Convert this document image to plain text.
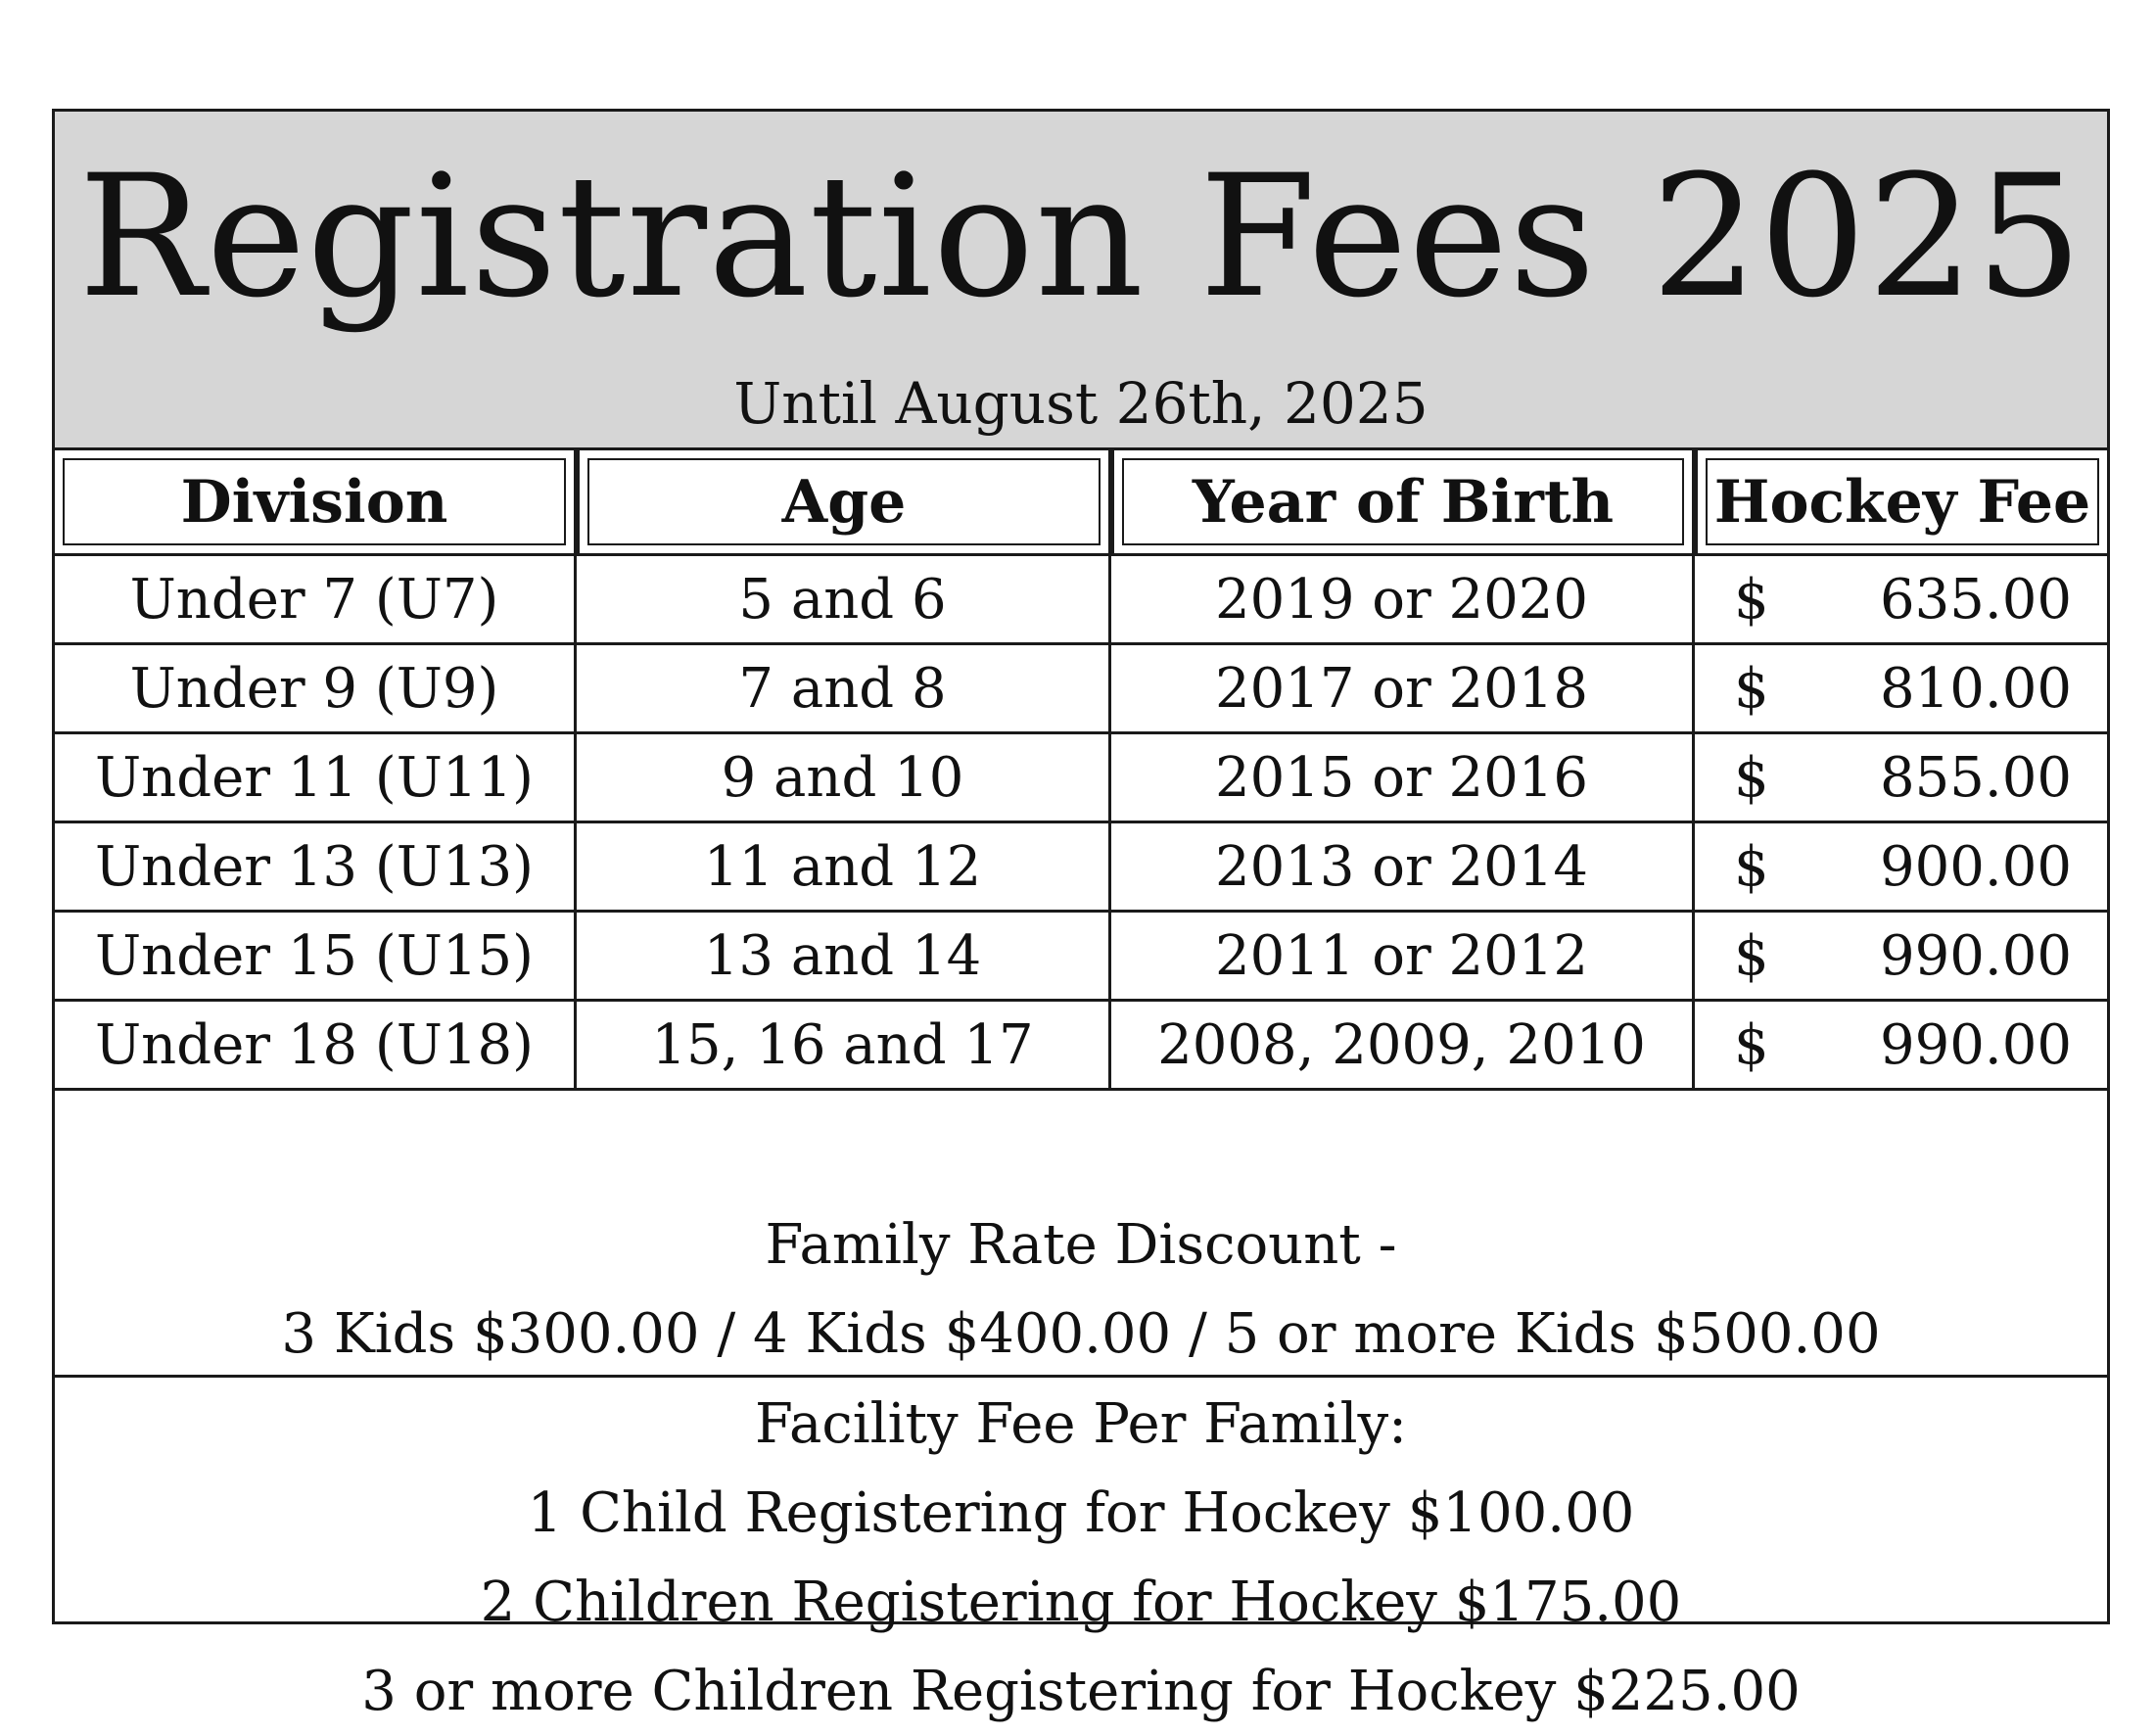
Registration Fees 2025
Until August 26th, 2025
Division	Age	Year of Birth	Hockey Fee
Under 7 (U7)	5 and 6	2019 or 2020	$ 635.00
Under 9 (U9)	7 and 8	2017 or 2018	$ 810.00
Under 11 (U11)	9 and 10	2015 or 2016	$ 855.00
Under 13 (U13)	11 and 12	2013 or 2014	$ 900.00
Under 15 (U15)	13 and 14	2011 or 2012	$ 990.00
Under 18 (U18)	15, 16 and 17	2008, 2009, 2010	$ 990.00
Family Rate Discount -
3 Kids $300.00 / 4 Kids $400.00 / 5 or more Kids $500.00
Facility Fee Per Family:
1 Child Registering for Hockey $100.00
2 Children Registering for Hockey $175.00
3 or more Children Registering for Hockey $225.00
